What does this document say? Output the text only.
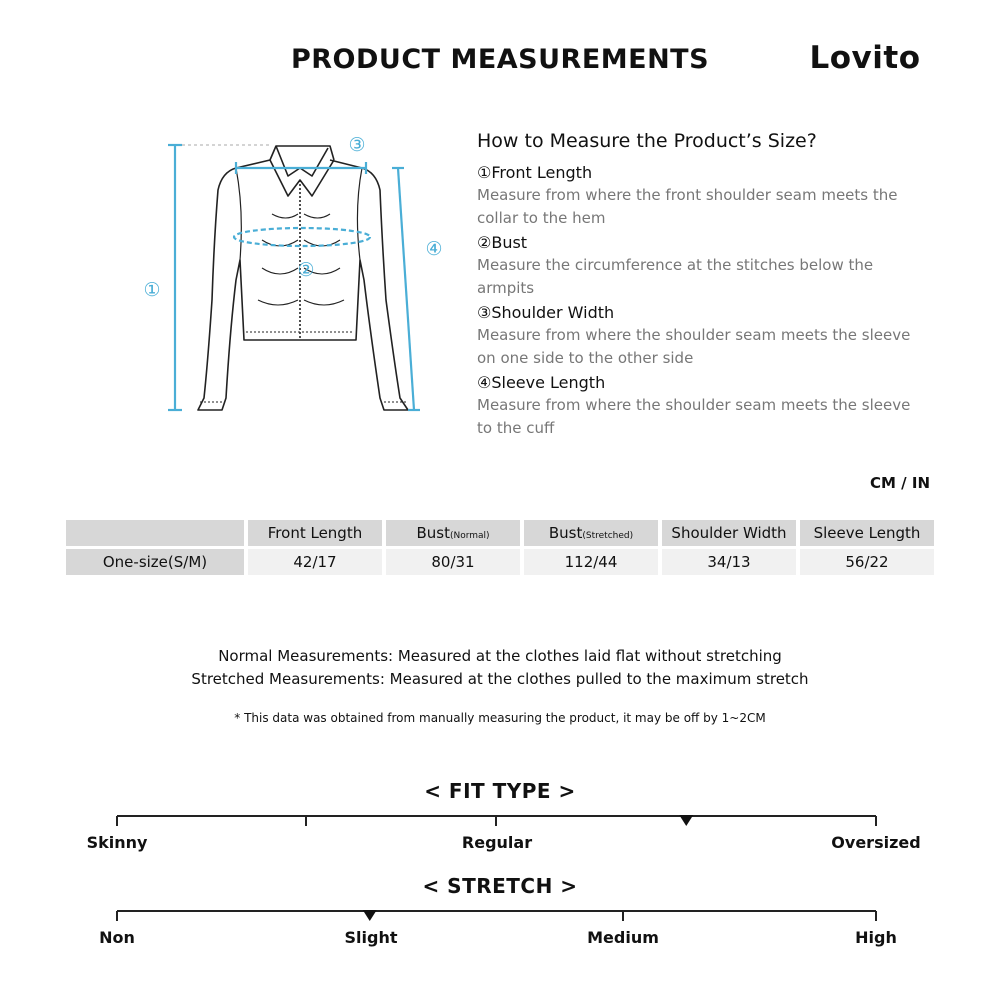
PRODUCT MEASUREMENTS	Lovito
①
②
③
④
How to Measure the Product’s Size?
①Front Length
Measure from where the front shoulder seam meets the collar to the hem
②Bust
Measure the circumference at the stitches below the armpits
③Shoulder Width
Measure from where the shoulder seam meets the sleeve on one side to the other side
④Sleeve Length
Measure from where the shoulder seam meets the sleeve to the cuff
CM / IN
	Front Length	Bust(Normal)	Bust(Stretched)	Shoulder Width	Sleeve Length
One-size(S/M)	42/17	80/31	112/44	34/13	56/22
Normal Measurements: Measured at the clothes laid flat without stretching
Stretched Measurements: Measured at the clothes pulled to the maximum stretch
* This data was obtained from manually measuring the product, it may be off by 1~2CM
< FIT TYPE >
Skinny	Regular	Oversized
< STRETCH >
Non	Slight	Medium	High
